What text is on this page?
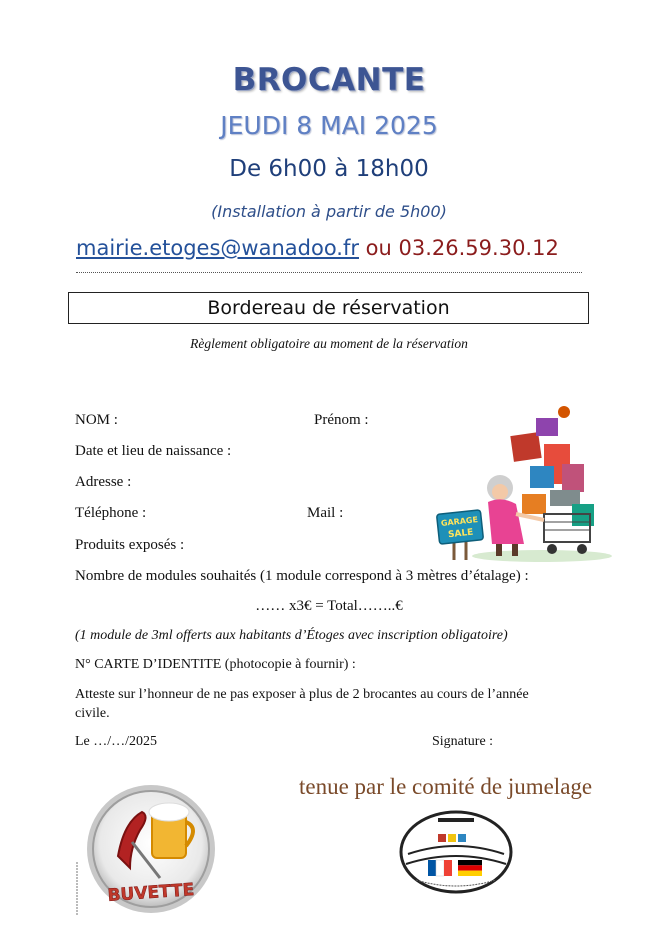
BROCANTE
JEUDI 8 MAI 2025
De 6h00 à 18h00
(Installation à partir de 5h00)
mairie.etoges@wanadoo.fr ou 03.26.59.30.12
Bordereau de réservation
Règlement obligatoire au moment de la réservation
NOM :	Prénom :
Date et lieu de naissance :
Adresse :
Téléphone :	Mail :
Produits exposés :
Nombre de modules souhaités (1 module correspond à 3 mètres d’étalage) :
…… x3€ = Total……..€
(1 module de 3ml offerts aux habitants d’Étoges avec inscription obligatoire)
N° CARTE D’IDENTITE (photocopie à fournir) :
Atteste sur l’honneur de ne pas exposer à plus de 2 brocantes au cours de l’année
civile.
Le …/…/2025	Signature :
GARAGE
SALE
tenue par le comité de jumelage
BUVETTE
